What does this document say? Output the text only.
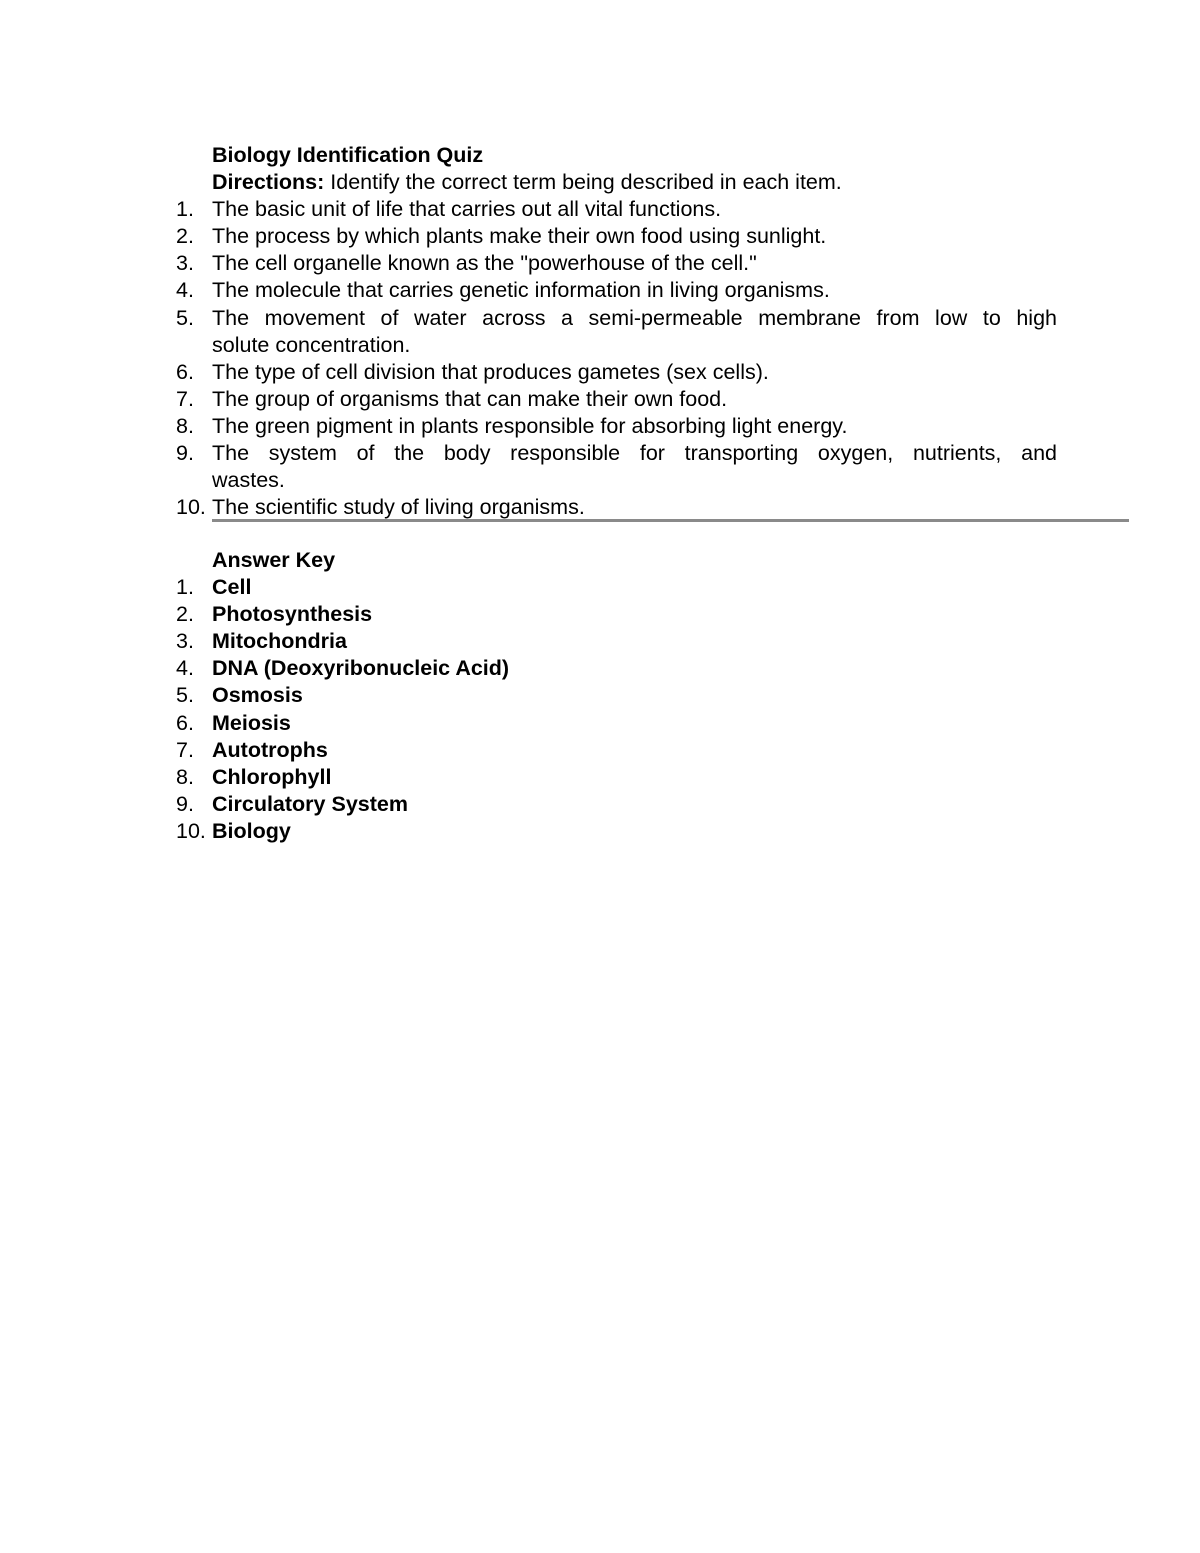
Biology Identification Quiz
Directions: Identify the correct term being described in each item.
1. The basic unit of life that carries out all vital functions.
2. The process by which plants make their own food using sunlight.
3. The cell organelle known as the "powerhouse of the cell."
4. The molecule that carries genetic information in living organisms.
5. The movement of water across a semi-permeable membrane from low to high
solute concentration.
6. The type of cell division that produces gametes (sex cells).
7. The group of organisms that can make their own food.
8. The green pigment in plants responsible for absorbing light energy.
9. The system of the body responsible for transporting oxygen, nutrients, and
wastes.
10. The scientific study of living organisms.
Answer Key
1. Cell
2. Photosynthesis
3. Mitochondria
4. DNA (Deoxyribonucleic Acid)
5. Osmosis
6. Meiosis
7. Autotrophs
8. Chlorophyll
9. Circulatory System
10. Biology
